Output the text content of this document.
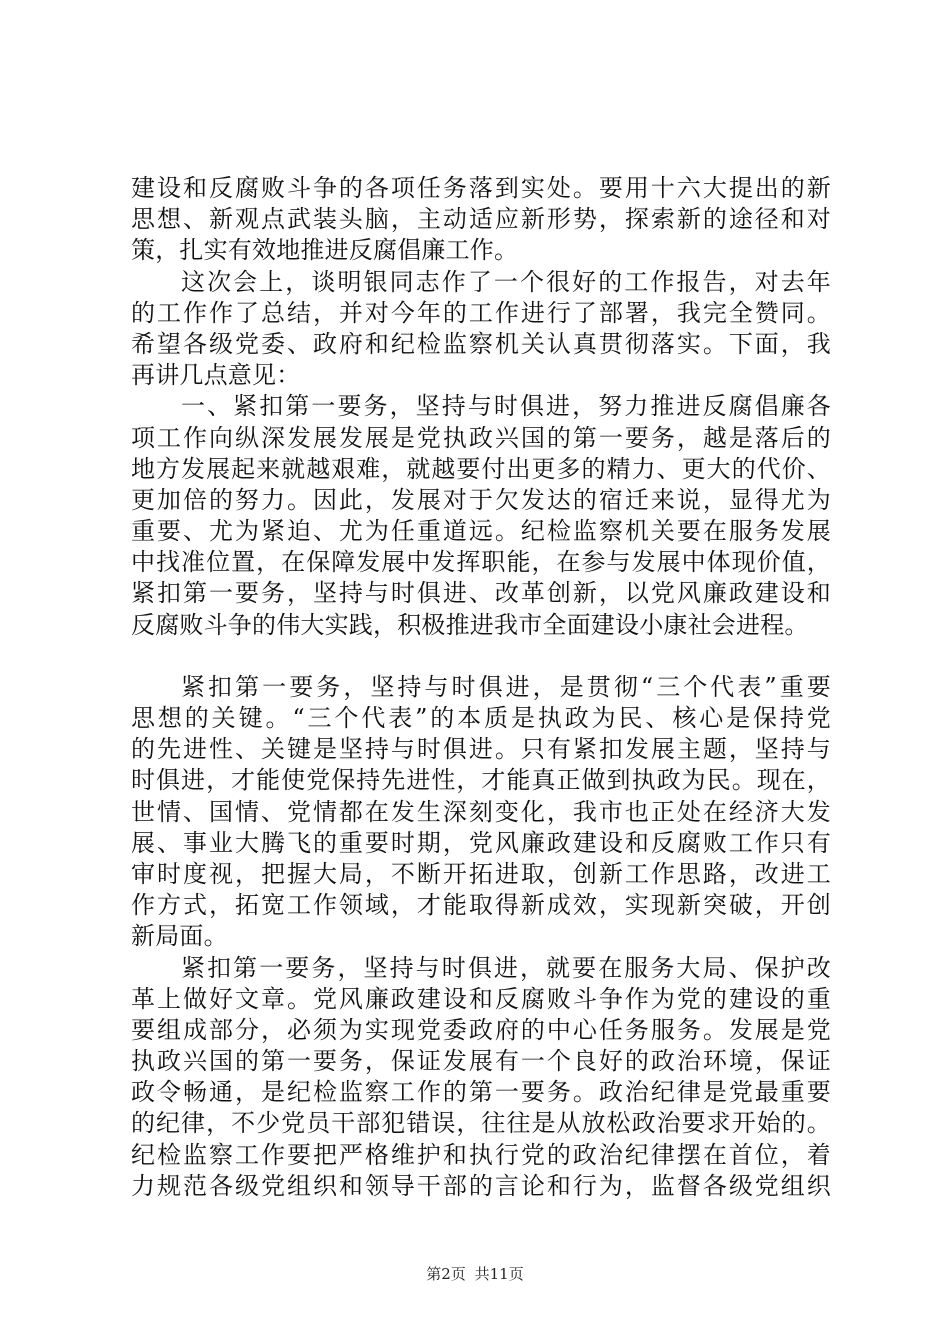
建设和反腐败斗争的各项任务落到实处。要用十六大提出的新
思想、新观点武装头脑，主动适应新形势，探索新的途径和对
策，扎实有效地推进反腐倡廉工作。
这次会上，谈明银同志作了一个很好的工作报告，对去年
的工作作了总结，并对今年的工作进行了部署，我完全赞同。
希望各级党委、政府和纪检监察机关认真贯彻落实。下面，我
再讲几点意见：
一、紧扣第一要务，坚持与时俱进，努力推进反腐倡廉各
项工作向纵深发展发展是党执政兴国的第一要务，越是落后的
地方发展起来就越艰难，就越要付出更多的精力、更大的代价、
更加倍的努力。因此，发展对于欠发达的宿迁来说，显得尤为
重要、尤为紧迫、尤为任重道远。纪检监察机关要在服务发展
中找准位置，在保障发展中发挥职能，在参与发展中体现价值，
紧扣第一要务，坚持与时俱进、改革创新，以党风廉政建设和
反腐败斗争的伟大实践，积极推进我市全面建设小康社会进程。
紧扣第一要务，坚持与时俱进，是贯彻“三个代表”重要
思想的关键。“三个代表”的本质是执政为民、核心是保持党
的先进性、关键是坚持与时俱进。只有紧扣发展主题，坚持与
时俱进，才能使党保持先进性，才能真正做到执政为民。现在，
世情、国情、党情都在发生深刻变化，我市也正处在经济大发
展、事业大腾飞的重要时期，党风廉政建设和反腐败工作只有
审时度视，把握大局，不断开拓进取，创新工作思路，改进工
作方式，拓宽工作领域，才能取得新成效，实现新突破，开创
新局面。
紧扣第一要务，坚持与时俱进，就要在服务大局、保护改
革上做好文章。党风廉政建设和反腐败斗争作为党的建设的重
要组成部分，必须为实现党委政府的中心任务服务。发展是党
执政兴国的第一要务，保证发展有一个良好的政治环境，保证
政令畅通，是纪检监察工作的第一要务。政治纪律是党最重要
的纪律，不少党员干部犯错误，往往是从放松政治要求开始的。
纪检监察工作要把严格维护和执行党的政治纪律摆在首位，着
力规范各级党组织和领导干部的言论和行为，监督各级党组织
第2页 共11页
